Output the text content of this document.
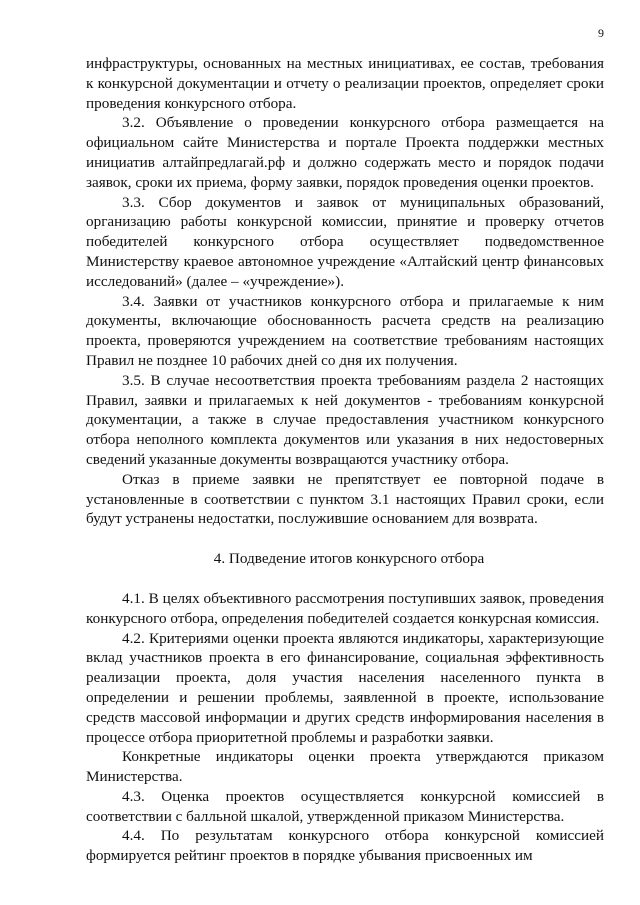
9

инфраструктуры, основанных на местных инициативах, ее состав, требования к конкурсной документации и отчету о реализации проектов, определяет сроки проведения конкурсного отбора.

3.2. Объявление о проведении конкурсного отбора размещается на официальном сайте Министерства и портале Проекта поддержки местных инициатив алтайпредлагай.рф и должно содержать место и порядок подачи заявок, сроки их приема, форму заявки, порядок проведения оценки проектов.

3.3. Сбор документов и заявок от муниципальных образований, организацию работы конкурсной комиссии, принятие и проверку отчетов победителей конкурсного отбора осуществляет подведомственное Министерству краевое автономное учреждение «Алтайский центр финансовых исследований» (далее – «учреждение»).

3.4. Заявки от участников конкурсного отбора и прилагаемые к ним документы, включающие обоснованность расчета средств на реализацию проекта, проверяются учреждением на соответствие требованиям настоящих Правил не позднее 10 рабочих дней со дня их получения.

3.5. В случае несоответствия проекта требованиям раздела 2 настоящих Правил, заявки и прилагаемых к ней документов - требованиям конкурсной документации, а также в случае предоставления участником конкурсного отбора неполного комплекта документов или указания в них недостоверных сведений указанные документы возвращаются участнику отбора.

Отказ в приеме заявки не препятствует ее повторной подаче в установленные в соответствии с пунктом 3.1 настоящих Правил сроки, если будут устранены недостатки, послужившие основанием для возврата.

4. Подведение итогов конкурсного отбора

4.1. В целях объективного рассмотрения поступивших заявок, проведения конкурсного отбора, определения победителей создается конкурсная комиссия.

4.2. Критериями оценки проекта являются индикаторы, характеризующие вклад участников проекта в его финансирование, социальная эффективность реализации проекта, доля участия населения населенного пункта в определении и решении проблемы, заявленной в проекте, использование средств массовой информации и других средств информирования населения в процессе отбора приоритетной проблемы и разработки заявки.

Конкретные индикаторы оценки проекта утверждаются приказом Министерства.

4.3. Оценка проектов осуществляется конкурсной комиссией в соответствии с балльной шкалой, утвержденной приказом Министерства.

4.4. По результатам конкурсного отбора конкурсной комиссией формируется рейтинг проектов в порядке убывания присвоенных им
